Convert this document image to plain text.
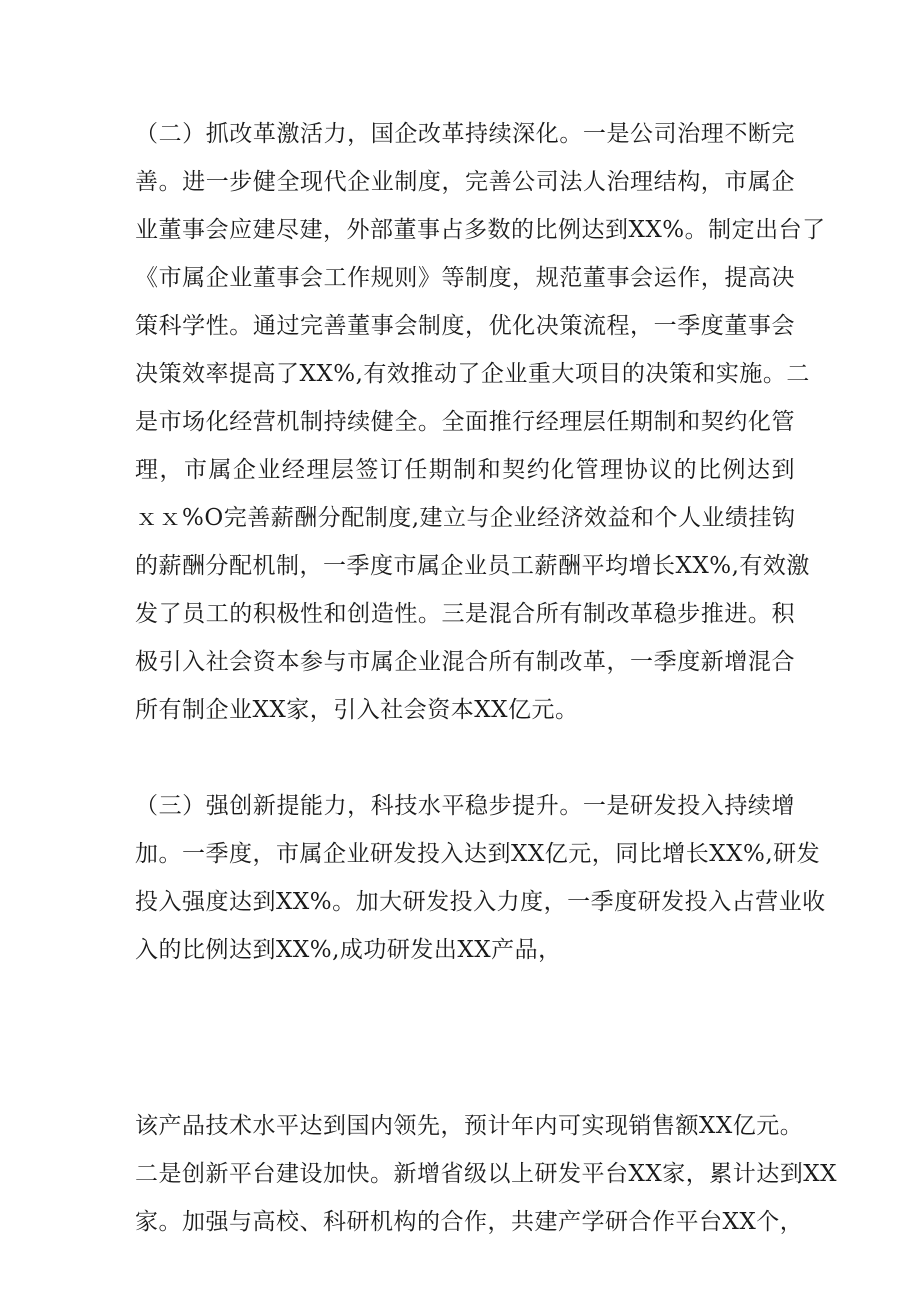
（二）抓改革激活力，国企改革持续深化。一是公司治理不断完
善。进一步健全现代企业制度，完善公司法人治理结构，市属企
业董事会应建尽建，外部董事占多数的比例达到XX%。制定出台了
《市属企业董事会工作规则》等制度，规范董事会运作，提高决
策科学性。通过完善董事会制度，优化决策流程，一季度董事会
决策效率提高了XX%,有效推动了企业重大项目的决策和实施。二
是市场化经营机制持续健全。全面推行经理层任期制和契约化管
理，市属企业经理层签订任期制和契约化管理协议的比例达到
ｘｘ%O完善薪酬分配制度,建立与企业经济效益和个人业绩挂钩
的薪酬分配机制，一季度市属企业员工薪酬平均增长XX%,有效激
发了员工的积极性和创造性。三是混合所有制改革稳步推进。积
极引入社会资本参与市属企业混合所有制改革，一季度新增混合
所有制企业XX家，引入社会资本XX亿元。
（三）强创新提能力，科技水平稳步提升。一是研发投入持续增
加。一季度，市属企业研发投入达到XX亿元，同比增长XX%,研发
投入强度达到XX%。加大研发投入力度，一季度研发投入占营业收
入的比例达到XX%,成功研发出XX产品，
该产品技术水平达到国内领先，预计年内可实现销售额XX亿元。
二是创新平台建设加快。新增省级以上研发平台XX家，累计达到XX
家。加强与高校、科研机构的合作，共建产学研合作平台XX个，
